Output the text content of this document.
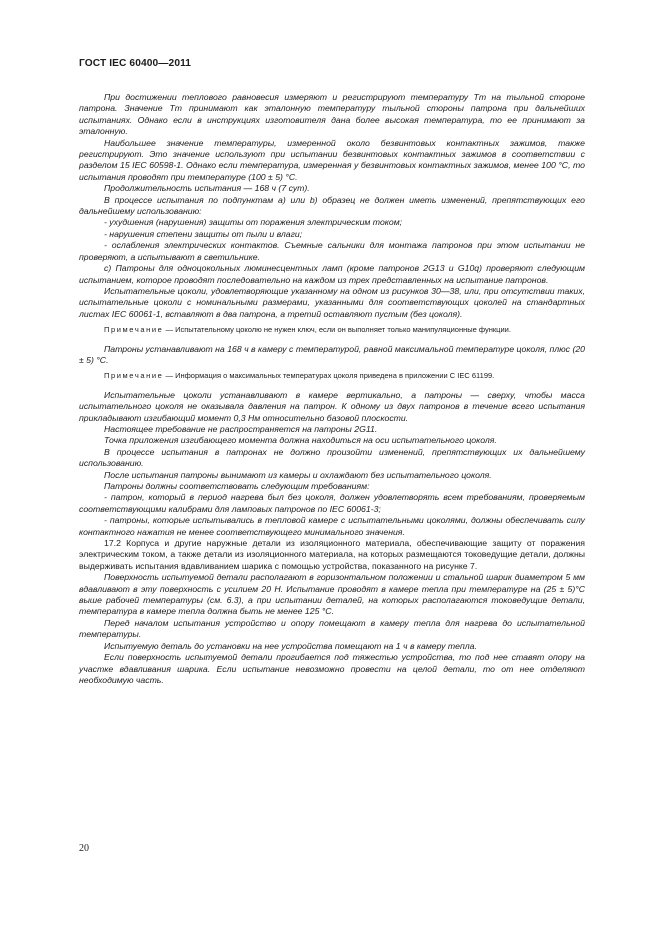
ГОСТ IEC 60400—2011

При достижении теплового равновесия измеряют и регистрируют температуру Tm на тыльной стороне патрона. Значение Tm принимают как эталонную температуру тыльной стороны патрона при дальнейших испытаниях. Однако если в инструкциях изготовителя дана более высокая температура, то ее принимают за эталонную.

Наибольшее значение температуры, измеренной около безвинтовых контактных зажимов, также регистрируют. Это значение используют при испытании безвинтовых контактных зажимов в соответствии с разделом 15 IEC 60598-1. Однако если температура, измеренная у безвинтовых контактных зажимов, менее 100 °C, то испытания проводят при температуре (100 ± 5) °C.

Продолжительность испытания — 168 ч (7 сут).

В процессе испытания по подпунктам a) или b) образец не должен иметь изменений, препятствующих его дальнейшему использованию:

- ухудшения (нарушения) защиты от поражения электрическим током;

- нарушения степени защиты от пыли и влаги;

- ослабления электрических контактов. Съемные сальники для монтажа патронов при этом испытании не проверяют, а испытывают в светильнике.

c) Патроны для одноцокольных люминесцентных ламп (кроме патронов 2G13 и G10q) проверяют следующим испытанием, которое проводят последовательно на каждом из трех представленных на испытание патронов.

Испытательные цоколи, удовлетворяющие указанному на одном из рисунков 30—38, или, при отсутствии таких, испытательные цоколи с номинальными размерами, указанными для соответствующих цоколей на стандартных листах IEC 60061-1, вставляют в два патрона, а третий оставляют пустым (без цоколя).

Примечание — Испытательному цоколю не нужен ключ, если он выполняет только манипуляционные функции.

Патроны устанавливают на 168 ч в камеру с температурой, равной максимальной температуре цоколя, плюс (20 ± 5) °C.

Примечание — Информация о максимальных температурах цоколя приведена в приложении C IEC 61199.

Испытательные цоколи устанавливают в камере вертикально, а патроны — сверху, чтобы масса испытательного цоколя не оказывала давления на патрон. К одному из двух патронов в течение всего испытания прикладывают изгибающий момент 0,3 Нм относительно базовой плоскости.

Настоящее требование не распространяется на патроны 2G11.

Точка приложения изгибающего момента должна находиться на оси испытательного цоколя.

В процессе испытания в патронах не должно произойти изменений, препятствующих их дальнейшему использованию.

После испытания патроны вынимают из камеры и охлаждают без испытательного цоколя.

Патроны должны соответствовать следующим требованиям:

- патрон, который в период нагрева был без цоколя, должен удовлетворять всем требованиям, проверяемым соответствующими калибрами для ламповых патронов по IEC 60061-3;

- патроны, которые испытывались в тепловой камере с испытательными цоколями, должны обеспечивать силу контактного нажатия не менее соответствующего минимального значения.

17.2 Корпуса и другие наружные детали из изоляционного материала, обеспечивающие защиту от поражения электрическим током, а также детали из изоляционного материала, на которых размещаются токоведущие детали, должны выдерживать испытания вдавливанием шарика с помощью устройства, показанного на рисунке 7.

Поверхность испытуемой детали располагают в горизонтальном положении и стальной шарик диаметром 5 мм вдавливают в эту поверхность с усилием 20 Н. Испытание проводят в камере тепла при температуре на (25 ± 5)°C выше рабочей температуры (см. 6.3), а при испытании деталей, на которых располагаются токоведущие детали, температура в камере тепла должна быть не менее 125 °C.

Перед началом испытания устройство и опору помещают в камеру тепла для нагрева до испытательной температуры.

Испытуемую деталь до установки на нее устройства помещают на 1 ч в камеру тепла.

Если поверхность испытуемой детали прогибается под тяжестью устройства, то под нее ставят опору на участке вдавливания шарика. Если испытание невозможно провести на целой детали, то от нее отделяют необходимую часть.

20
